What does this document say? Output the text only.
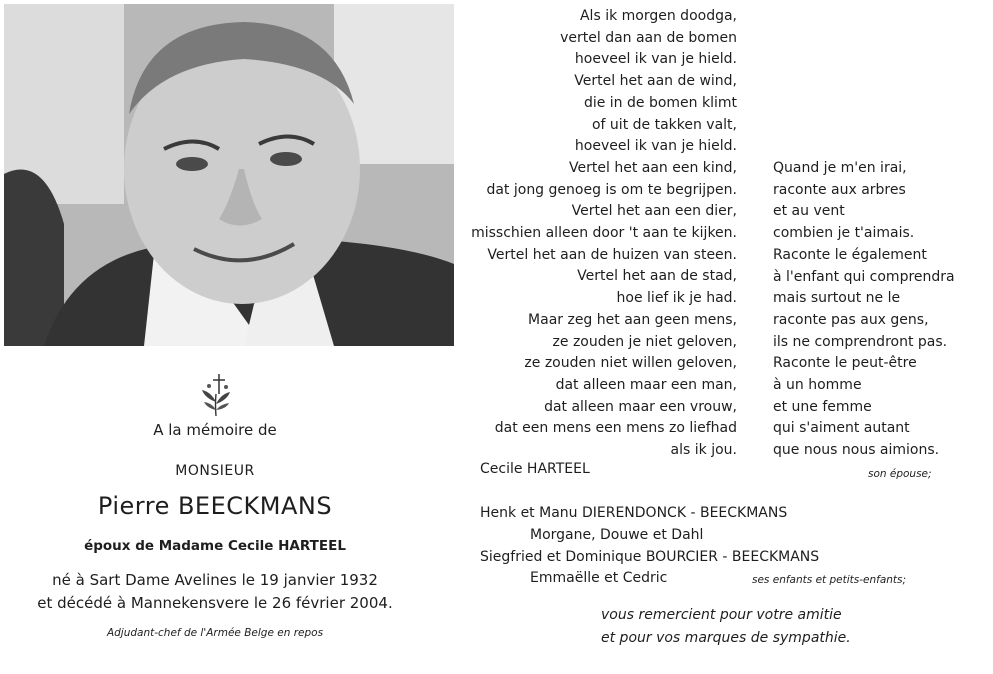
A la mémoire de
MONSIEUR
Pierre BEECKMANS
époux de Madame Cecile HARTEEL
né à Sart Dame Avelines le 19 janvier 1932
et décédé à Mannekensvere le 26 février 2004.
Adjudant-chef de l'Armée Belge en repos
Als ik morgen doodga,
vertel dan aan de bomen
hoeveel ik van je hield.
Vertel het aan de wind,
die in de bomen klimt
of uit de takken valt,
hoeveel ik van je hield.
Vertel het aan een kind,
dat jong genoeg is om te begrijpen.
Vertel het aan een dier,
misschien alleen door 't aan te kijken.
Vertel het aan de huizen van steen.
Vertel het aan de stad,
hoe lief ik je had.
Maar zeg het aan geen mens,
ze zouden je niet geloven,
ze zouden niet willen geloven,
dat alleen maar een man,
dat alleen maar een vrouw,
dat een mens een mens zo liefhad
als ik jou.
Quand je m'en irai,
raconte aux arbres
et au vent
combien je t'aimais.
Raconte le également
à l'enfant qui comprendra
mais surtout ne le
raconte pas aux gens,
ils ne comprendront pas.
Raconte le peut-être
à un homme
et une femme
qui s'aiment autant
que nous nous aimions.
Cecile HARTEEL	son épouse;
Henk et Manu DIERENDONCK - BEECKMANS
Morgane, Douwe et Dahl
Siegfried et Dominique BOURCIER - BEECKMANS
Emmaëlle et Cedric	ses enfants et petits-enfants;
vous remercient pour votre amitie
et pour vos marques de sympathie.
